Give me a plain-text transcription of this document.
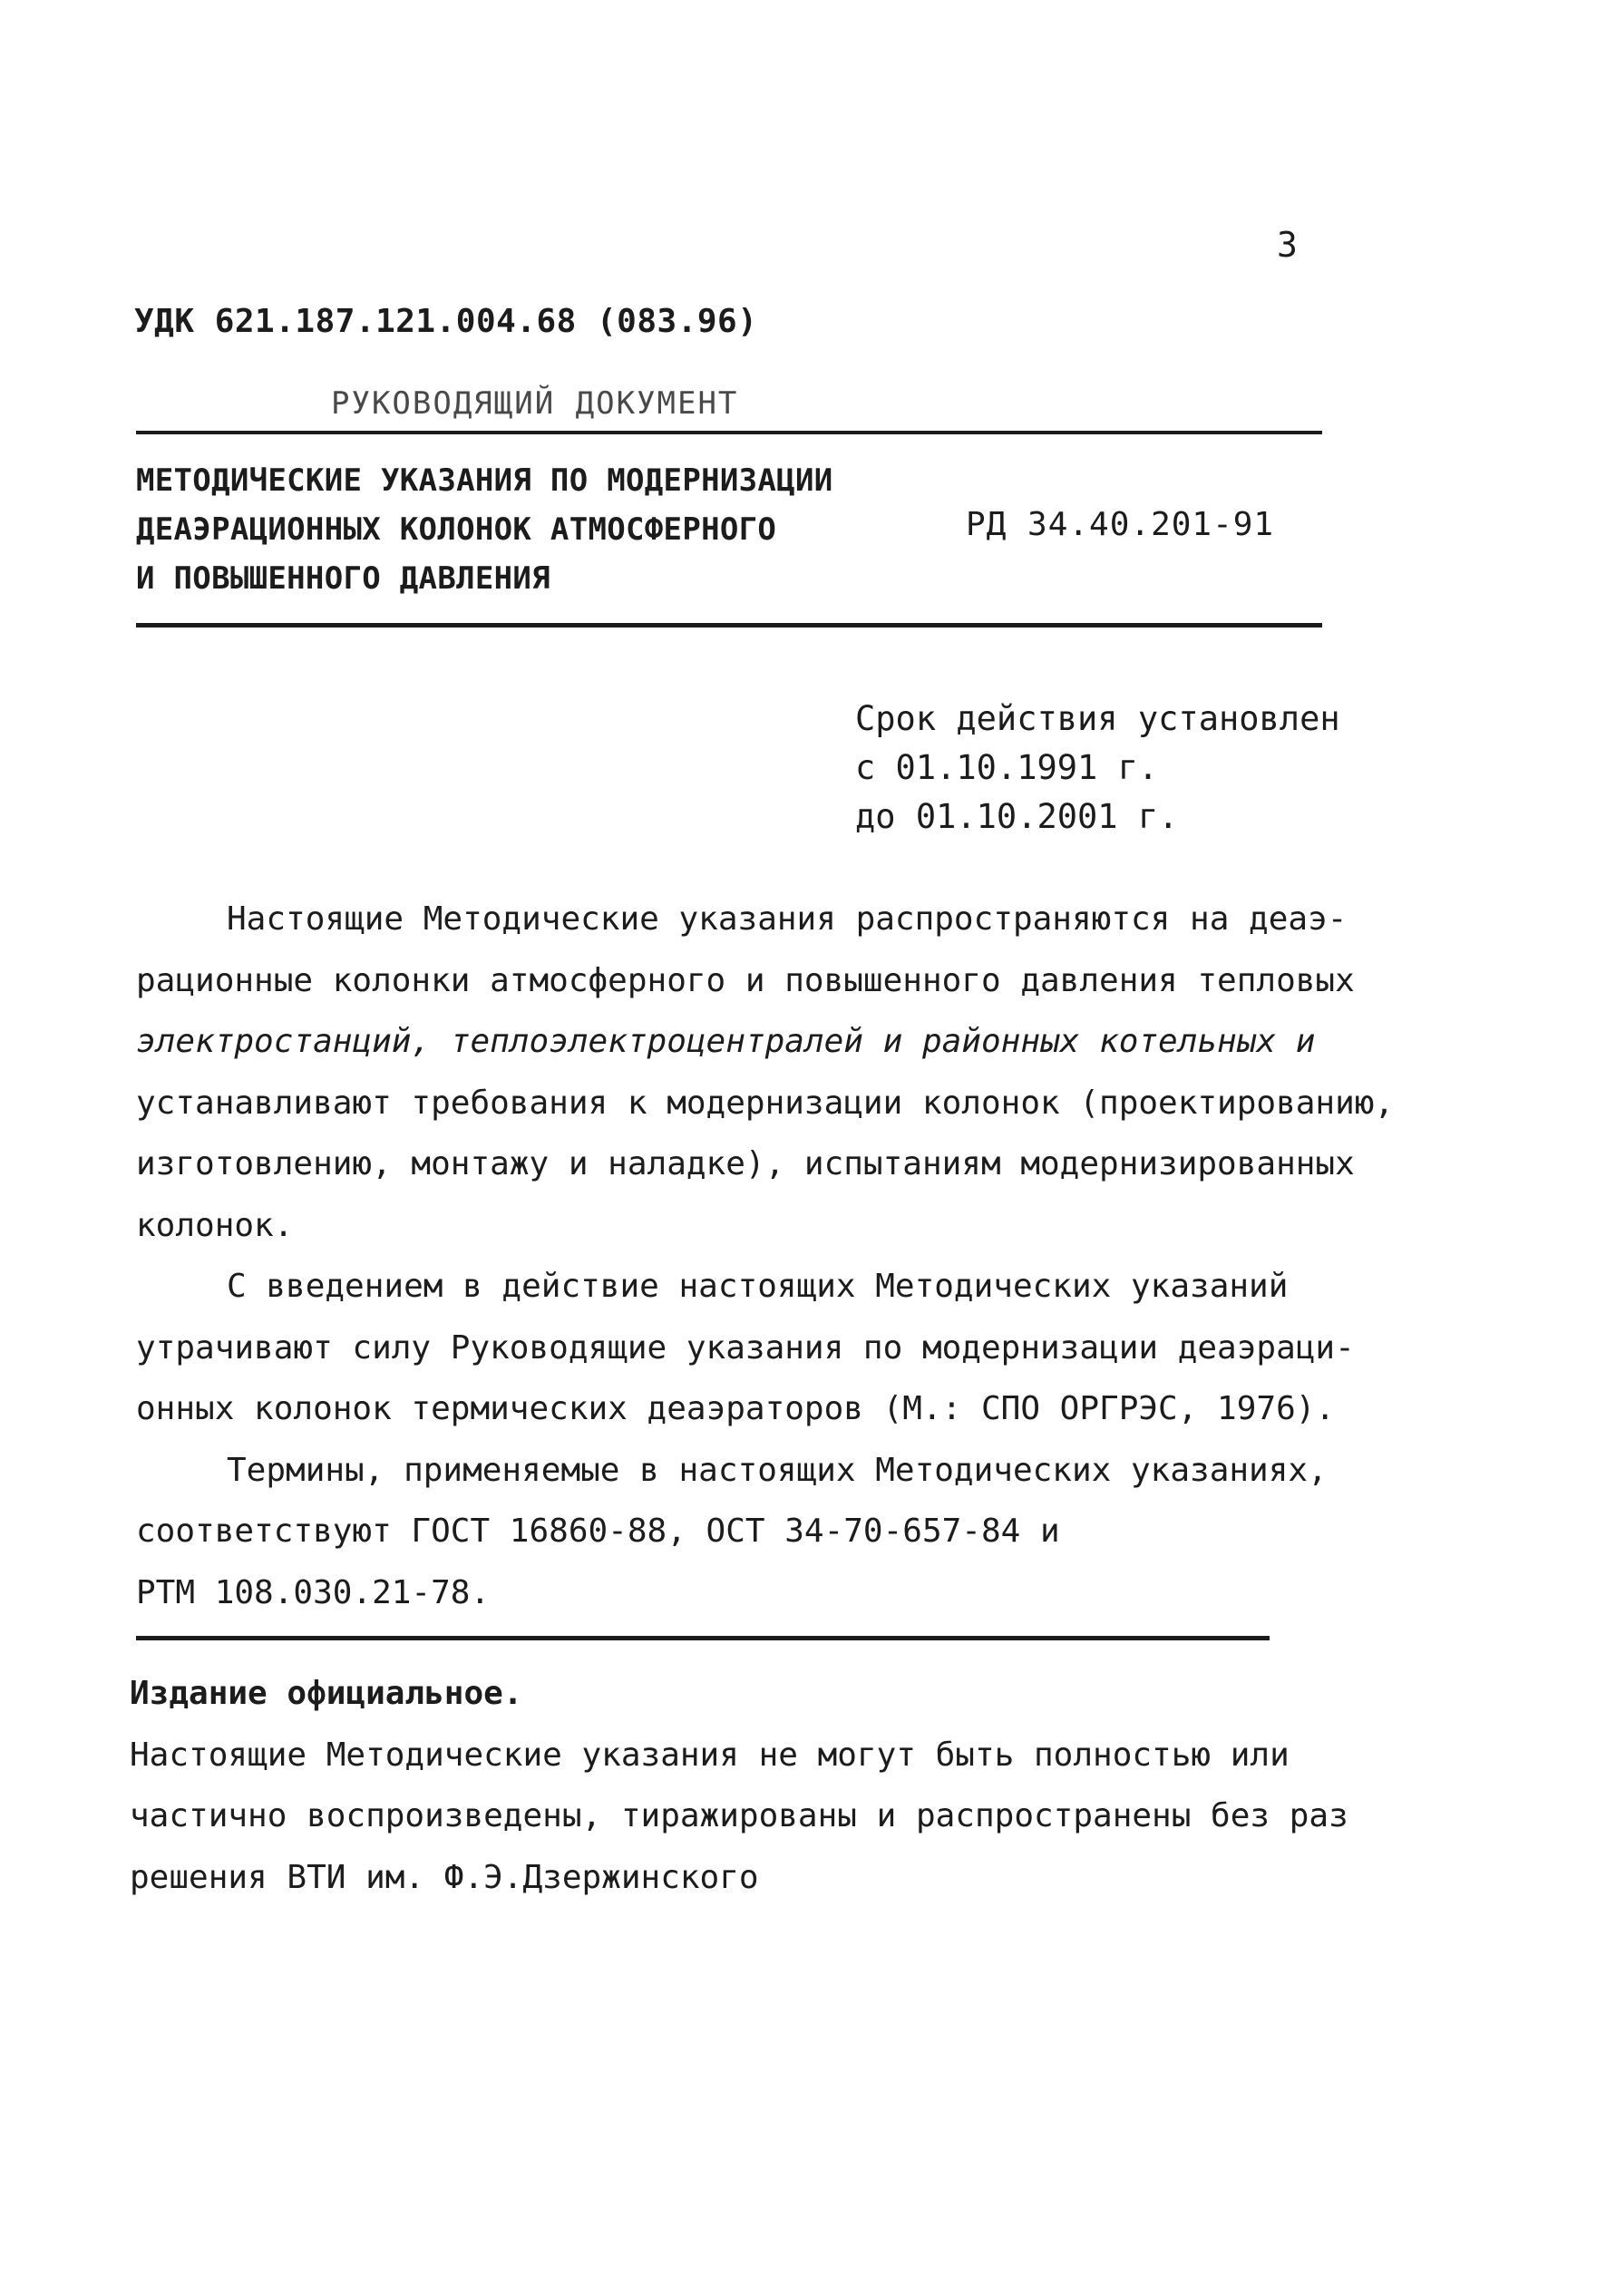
3
УДК 621.187.121.004.68 (083.96)
РУКОВОДЯЩИЙ ДОКУМЕНТ
МЕТОДИЧЕСКИЕ УКАЗАНИЯ ПО МОДЕРНИЗАЦИИ
ДЕАЭРАЦИОННЫХ КОЛОНОК АТМОСФЕРНОГО
И ПОВЫШЕННОГО ДАВЛЕНИЯ
РД 34.40.201-91
Срок действия установлен
с 01.10.1991 г.
до 01.10.2001 г.
Настоящие Методические указания распространяются на деаэ-
рационные колонки атмосферного и повышенного давления тепловых
электростанций, теплоэлектроцентралей и районных котельных и
устанавливают требования к модернизации колонок (проектированию,
изготовлению, монтажу и наладке), испытаниям модернизированных
колонок.
С введением в действие настоящих Методических указаний
утрачивают силу Руководящие указания по модернизации деаэраци-
онных колонок термических деаэраторов (М.: СПО ОРГРЭС, 1976).
Термины, применяемые в настоящих Методических указаниях,
соответствуют ГОСТ 16860-88, ОСТ 34-70-657-84 и
РТМ 108.030.21-78.
Издание официальное.
Настоящие Методические указания не могут быть полностью или
частично воспроизведены, тиражированы и распространены без раз
решения ВТИ им. Ф.Э.Дзержинского
